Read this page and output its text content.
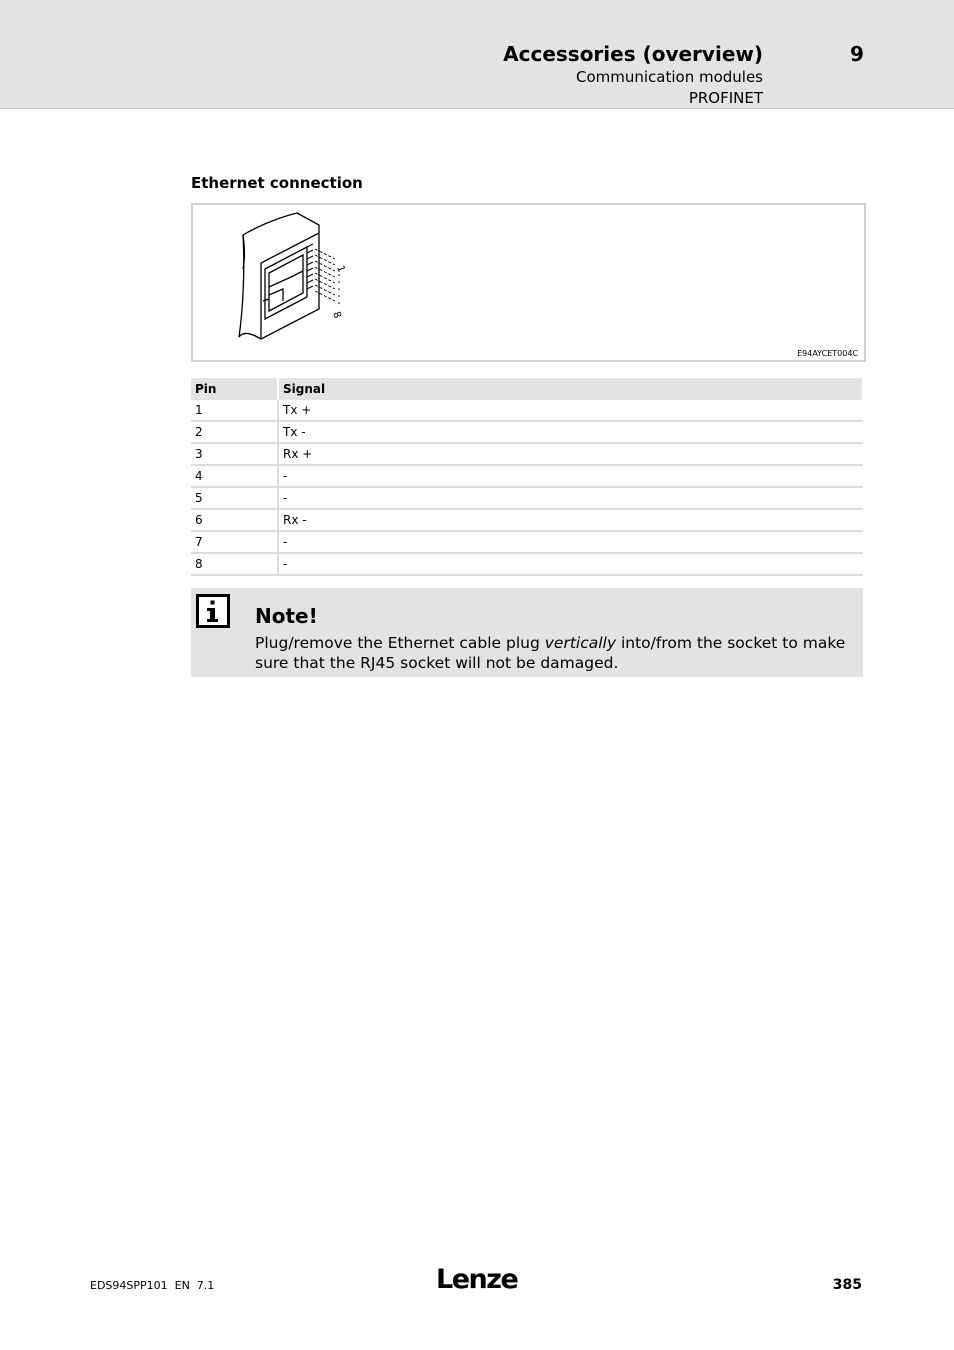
Accessories (overview)	9
Communication modules
PROFINET
Ethernet connection
1
8
E94AYCET004C
Pin	Signal
1	Tx +
2	Tx -
3	Rx +
4	-
5	-
6	Rx -
7	-
8	-
Note!
Plug/remove the Ethernet cable plug vertically into/from the socket to make sure that the RJ45 socket will not be damaged.
EDS94SPP101  EN  7.1	Lenze	385
